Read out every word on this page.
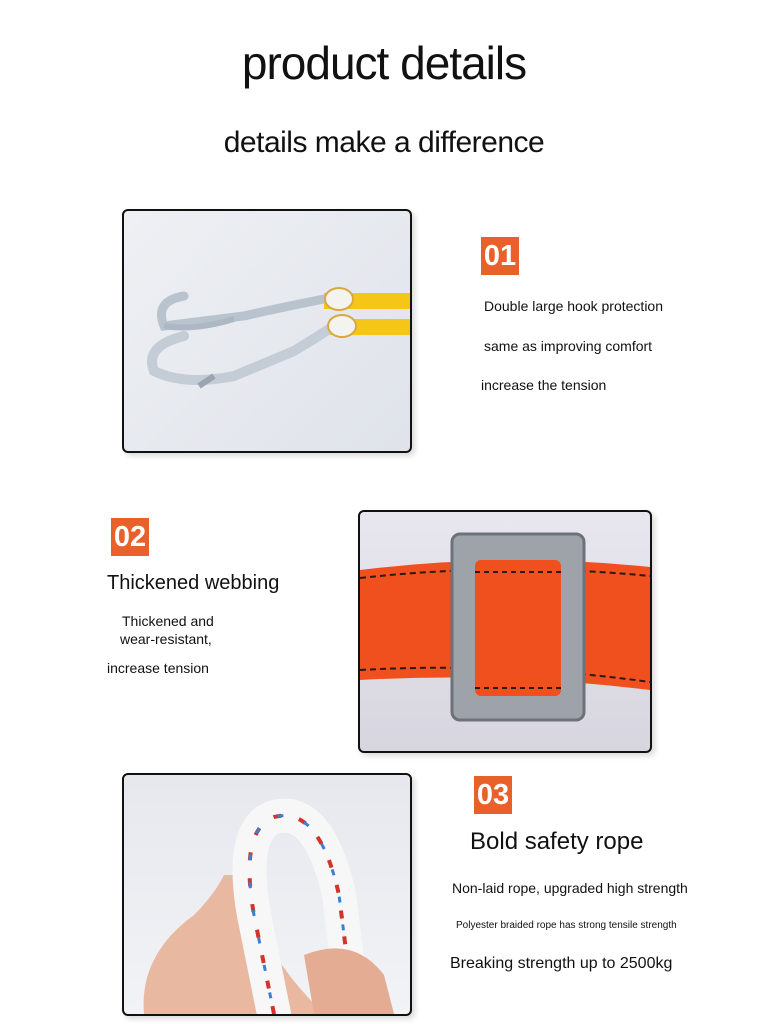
product details
details make a difference
01
Double large hook protection
same as improving comfort
increase the tension
02
Thickened webbing
Thickened and
wear-resistant,
increase tension
03
Bold safety rope
Non-laid rope, upgraded high strength
Polyester braided rope has strong tensile strength
Breaking strength up to 2500kg
